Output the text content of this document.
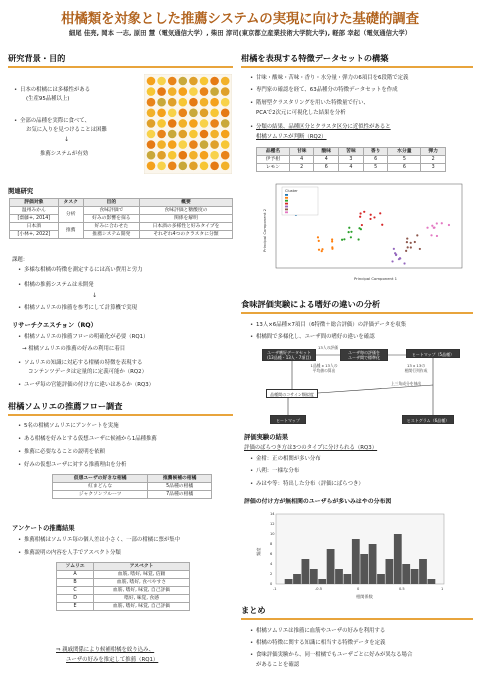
柑橘類を対象とした推薦システムの実現に向けた基礎的調査
細尾 佳亮, 岡本 一志, 原田 慧（電気通信大学）, 柴田 淳司(東京都立産業技術大学院大学), 軽部 幸起（電気通信大学）
研究背景・目的
• 日本の柑橘には多様性がある
(生産95品種以上)
• 全部の品種を実際に食べて、
お気に入りを見つけることは困難
↓
推薦システムが有効
関連研究
評価対象	タスク	目的	概要
温州みかん	分析	食味評価で	食味評価と糖酸度の
[齋藤+, 2014]		好みの影響を探る	関係を解明
日本酒	推薦	好みに合わせた	日本酒の多様性と好みタイプを
[小林+, 2022]		推薦システム開発	それぞれ4つのクラスタに分類
課題：
• 多様な柑橘の特徴を測定するには高い費用と労力
• 柑橘の推薦システムは未開発
↓
• 柑橘ソムリエの推薦を参考にして計算機で実現
リサーチクエスチョン（RQ）
• 柑橘ソムリエの推薦フローの明確化が必要（RQ1）
→ 柑橘ソムリエの推薦の好みの利用に着目
• ソムリエの知識に対応する柑橘の特徴を表現する
コンテンツデータは定量的に定義可能か（RQ2）
• ユーザ毎の官能評価の付け方に違いはあるか（RQ3）
柑橘ソムリエの推薦フロー調査
• 5名の柑橘ソムリエにアンケートを実施
• ある柑橘を好みとする仮想ユーザに候補から1品種推薦
• 推薦に必要なることの説明を依頼
• 好みの仮想ユーザに対する推薦理由を分析
仮想ユーザの好きな柑橘	推薦候補の柑橘
紅まどんな	5品種の柑橘
ジャクソンフルーツ	7品種の柑橘
アンケートの推薦結果
• 推薦柑橘はソムリエ毎の個人差は小さく、一部の柑橘に票が集中
• 推薦説明の内容を人手でアスペクト分類
ソムリエ	アスペクト
A	血筋, 嗜好, 味覚, 信頼
B	血筋, 嗜好, 食べやすさ
C	血筋, 嗜好, 味覚, 自己評価
D	嗜好, 味覚, 食感
E	血筋, 嗜好, 味覚, 自己評価
⇒ 親戚関係により候補柑橘を絞り込み、
ユーザの好みを推定して推薦（RQ1）
柑橘を表現する特徴データセットの構築
• 甘味・酸味・苦味・香り・水分量・弾力の6項目を6段階で定義
• 専門家の確認を経て、63品種分の特徴データセットを作成
• 階層型クラスタリングを用いた特徴量で行い、
PCAで2次元に可視化した結果を分析
• 分類の結果、品種区分とクラスタ区分に近似性があると
柑橘ソムリエが判断（RQ2）
品種名	甘味	酸味	苦味	香り	水分量	弾力
伊予柑	4	4	3	6	5	2
レモン	2	6	4	5	6	3
Cluster
Principal Component 1
Principal Component 2
食味評価実験による嗜好の違いの分析
• 13人×6品種×7項目（6特徴＋総合評価）の評価データを収集
• 柑橘間で多様化し、ユーザ間の嗜好の違いを確認
ユーザ嗜好データセット
(13品種・13人・7項目)
ユーザ毎の評価を
ユーザ間で標準化
ヒートマップ（5品種）
13人の評価
1品種 x 13人の
平均値の算出
13 x 13の
相関行列作成
上三角成分を抽出
品種間のコサイン類似度
ヒートマップ	ヒストグラム（6品種）
評価実験の結果
評価のばらつき方は3つのタイプに分けられる（RQ3）
• 金柑：正の相関が多い分布
• 八朔：一様な分布
• みはや等：特出した分布（評価にばらつき）
評価の付け方が無相関のユーザらが多いみはやの分布図
-1	-0.5	0	0.5	1
0
2
4
6
8
10
12
14
相関係数
頻度
まとめ
• 柑橘ソムリエは推薦に血筋やユーザの好みを利用する
• 柑橘の特徴に関する知識に相当する特徴データを定義
• 食味評価実験から、同一柑橘でもユーザごとに好みが異なる場合
があることを確認
